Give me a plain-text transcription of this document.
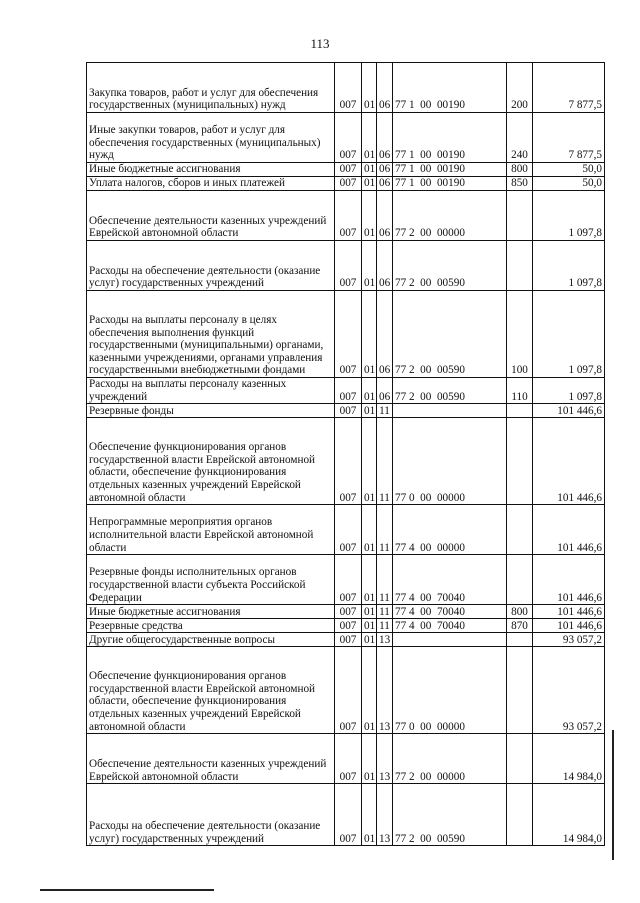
113
Закупка товаров, работ и услуг для обеспечения государственных (муниципальных) нужд	007	01	06	77 1  00  00190	200	7 877,5
Иные закупки товаров, работ и услуг для обеспечения государственных (муниципальных) нужд	007	01	06	77 1  00  00190	240	7 877,5
Иные бюджетные ассигнования	007	01	06	77 1  00  00190	800	50,0
Уплата налогов, сборов и иных платежей	007	01	06	77 1  00  00190	850	50,0
Обеспечение деятельности казенных учреждений Еврейской автономной области	007	01	06	77 2  00  00000		1 097,8
Расходы на обеспечение деятельности (оказание услуг) государственных учреждений	007	01	06	77 2  00  00590		1 097,8
Расходы на выплаты персоналу в целях обеспечения выполнения функций государственными (муниципальными) органами, казенными учреждениями, органами управления государственными внебюджетными фондами	007	01	06	77 2  00  00590	100	1 097,8
Расходы на выплаты персоналу казенных учреждений	007	01	06	77 2  00  00590	110	1 097,8
Резервные фонды	007	01	11			101 446,6
Обеспечение функционирования органов государственной власти Еврейской автономной области, обеспечение функционирования отдельных казенных учреждений Еврейской автономной области	007	01	11	77 0  00  00000		101 446,6
Непрограммные мероприятия органов исполнительной власти Еврейской автономной области	007	01	11	77 4  00  00000		101 446,6
Резервные фонды исполнительных органов государственной власти субъекта Российской Федерации	007	01	11	77 4  00  70040		101 446,6
Иные бюджетные ассигнования	007	01	11	77 4  00  70040	800	101 446,6
Резервные средства	007	01	11	77 4  00  70040	870	101 446,6
Другие общегосударственные вопросы	007	01	13			93 057,2
Обеспечение функционирования органов государственной власти Еврейской автономной области, обеспечение функционирования отдельных казенных учреждений Еврейской автономной области	007	01	13	77 0  00  00000		93 057,2
Обеспечение деятельности казенных учреждений Еврейской автономной области	007	01	13	77 2  00  00000		14 984,0
Расходы на обеспечение деятельности (оказание услуг) государственных учреждений	007	01	13	77 2  00  00590		14 984,0
